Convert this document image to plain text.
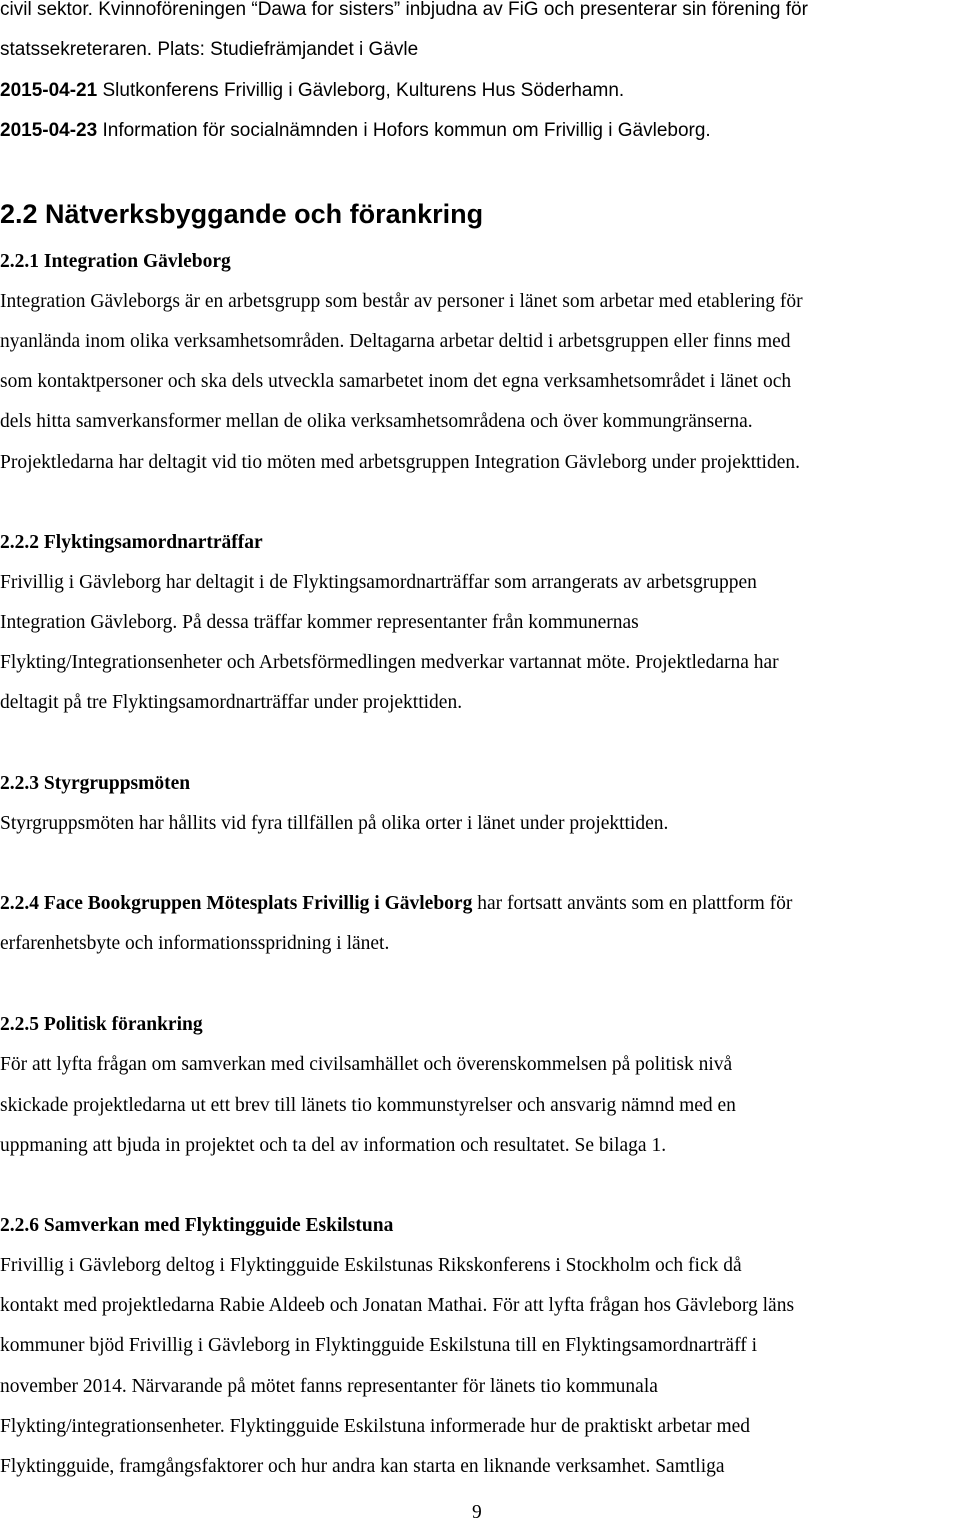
civil sektor. Kvinnoföreningen “Dawa for sisters” inbjudna av FiG och presenterar sin förening för
statssekreteraren. Plats: Studiefrämjandet i Gävle
2015-04-21 Slutkonferens Frivillig i Gävleborg, Kulturens Hus Söderhamn.
2015-04-23 Information för socialnämnden i Hofors kommun om Frivillig i Gävleborg.
2.2 Nätverksbyggande och förankring
2.2.1 Integration Gävleborg
Integration Gävleborgs är en arbetsgrupp som består av personer i länet som arbetar med etablering för
nyanlända inom olika verksamhetsområden. Deltagarna arbetar deltid i arbetsgruppen eller finns med
som kontaktpersoner och ska dels utveckla samarbetet inom det egna verksamhetsområdet i länet och
dels hitta samverkansformer mellan de olika verksamhetsområdena och över kommungränserna.
Projektledarna har deltagit vid tio möten med arbetsgruppen Integration Gävleborg under projekttiden.
2.2.2 Flyktingsamordnarträffar
Frivillig i Gävleborg har deltagit i de Flyktingsamordnarträffar som arrangerats av arbetsgruppen
Integration Gävleborg. På dessa träffar kommer representanter från kommunernas
Flykting/Integrationsenheter och Arbetsförmedlingen medverkar vartannat möte. Projektledarna har
deltagit på tre Flyktingsamordnarträffar under projekttiden.
2.2.3 Styrgruppsmöten
Styrgruppsmöten har hållits vid fyra tillfällen på olika orter i länet under projekttiden.
2.2.4 Face Bookgruppen Mötesplats Frivillig i Gävleborg har fortsatt använts som en plattform för
erfarenhetsbyte och informationsspridning i länet.
2.2.5 Politisk förankring
För att lyfta frågan om samverkan med civilsamhället och överenskommelsen på politisk nivå
skickade projektledarna ut ett brev till länets tio kommunstyrelser och ansvarig nämnd med en
uppmaning att bjuda in projektet och ta del av information och resultatet. Se bilaga 1.
2.2.6 Samverkan med Flyktingguide Eskilstuna
Frivillig i Gävleborg deltog i Flyktingguide Eskilstunas Rikskonferens i Stockholm och fick då
kontakt med projektledarna Rabie Aldeeb och Jonatan Mathai. För att lyfta frågan hos Gävleborg läns
kommuner bjöd Frivillig i Gävleborg in Flyktingguide Eskilstuna till en Flyktingsamordnarträff i
november 2014. Närvarande på mötet fanns representanter för länets tio kommunala
Flykting/integrationsenheter. Flyktingguide Eskilstuna informerade hur de praktiskt arbetar med
Flyktingguide, framgångsfaktorer och hur andra kan starta en liknande verksamhet. Samtliga
9
